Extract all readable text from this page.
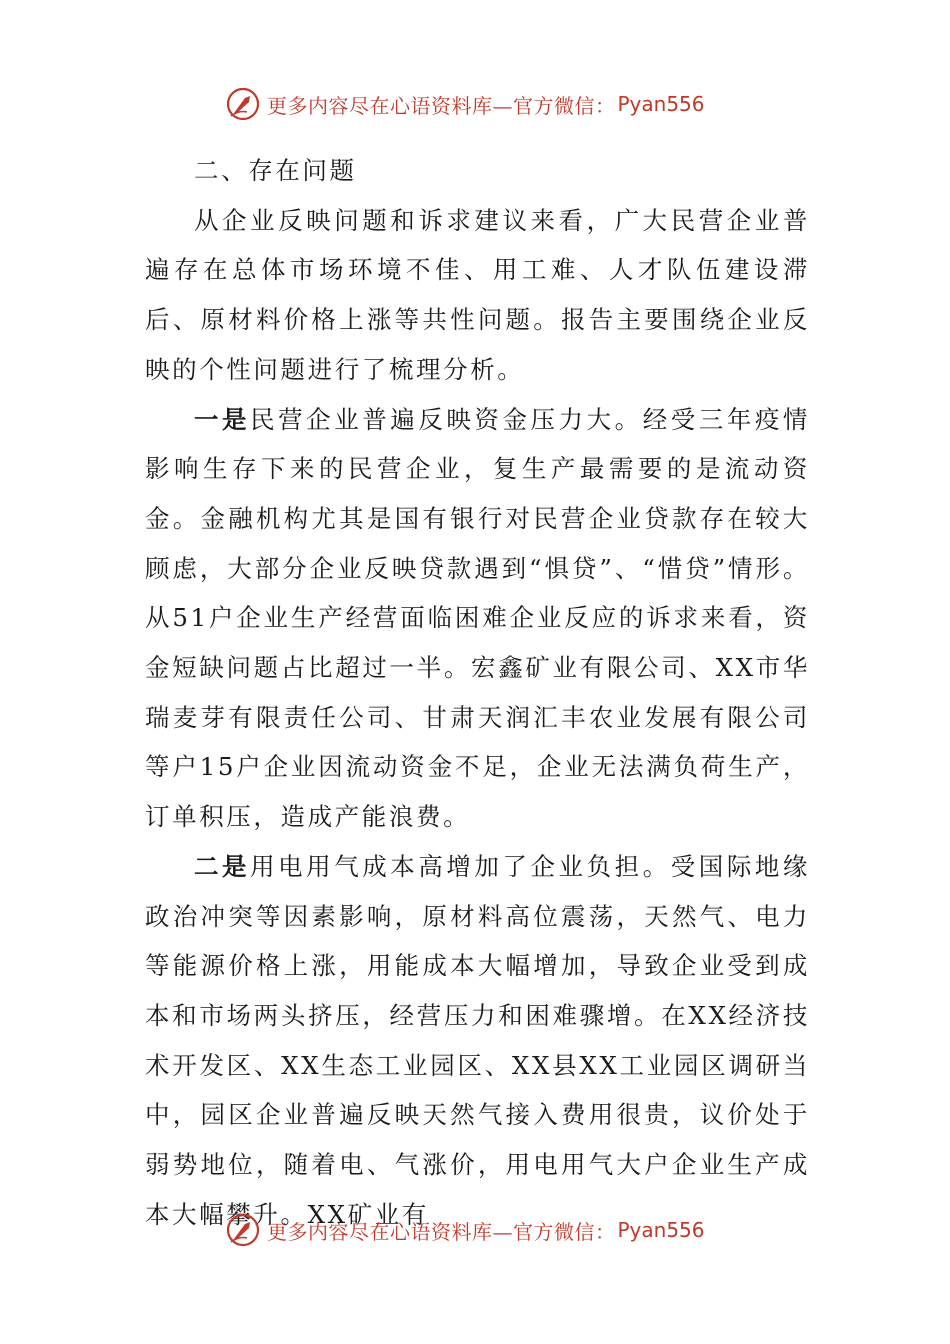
更多内容尽在心语资料库—官方微信： Pyan556

二、存在问题

从企业反映问题和诉求建议来看，广大民营企业普遍存在总体市场环境不佳、用工难、人才队伍建设滞后、原材料价格上涨等共性问题。报告主要围绕企业反映的个性问题进行了梳理分析。

一是民营企业普遍反映资金压力大。经受三年疫情影响生存下来的民营企业，复生产最需要的是流动资金。金融机构尤其是国有银行对民营企业贷款存在较大顾虑，大部分企业反映贷款遇到“惧贷”、“惜贷”情形。从51户企业生产经营面临困难企业反应的诉求来看，资金短缺问题占比超过一半。宏鑫矿业有限公司、XX市华瑞麦芽有限责任公司、甘肃天润汇丰农业发展有限公司等户15户企业因流动资金不足，企业无法满负荷生产，订单积压，造成产能浪费。

二是用电用气成本高增加了企业负担。受国际地缘政治冲突等因素影响，原材料高位震荡，天然气、电力等能源价格上涨，用能成本大幅增加，导致企业受到成本和市场两头挤压，经营压力和困难骤增。在XX经济技术开发区、XX生态工业园区、XX县XX工业园区调研当中，园区企业普遍反映天然气接入费用很贵，议价处于弱势地位，随着电、气涨价，用电用气大户企业生产成本大幅攀升。XX矿业有

更多内容尽在心语资料库—官方微信： Pyan556
